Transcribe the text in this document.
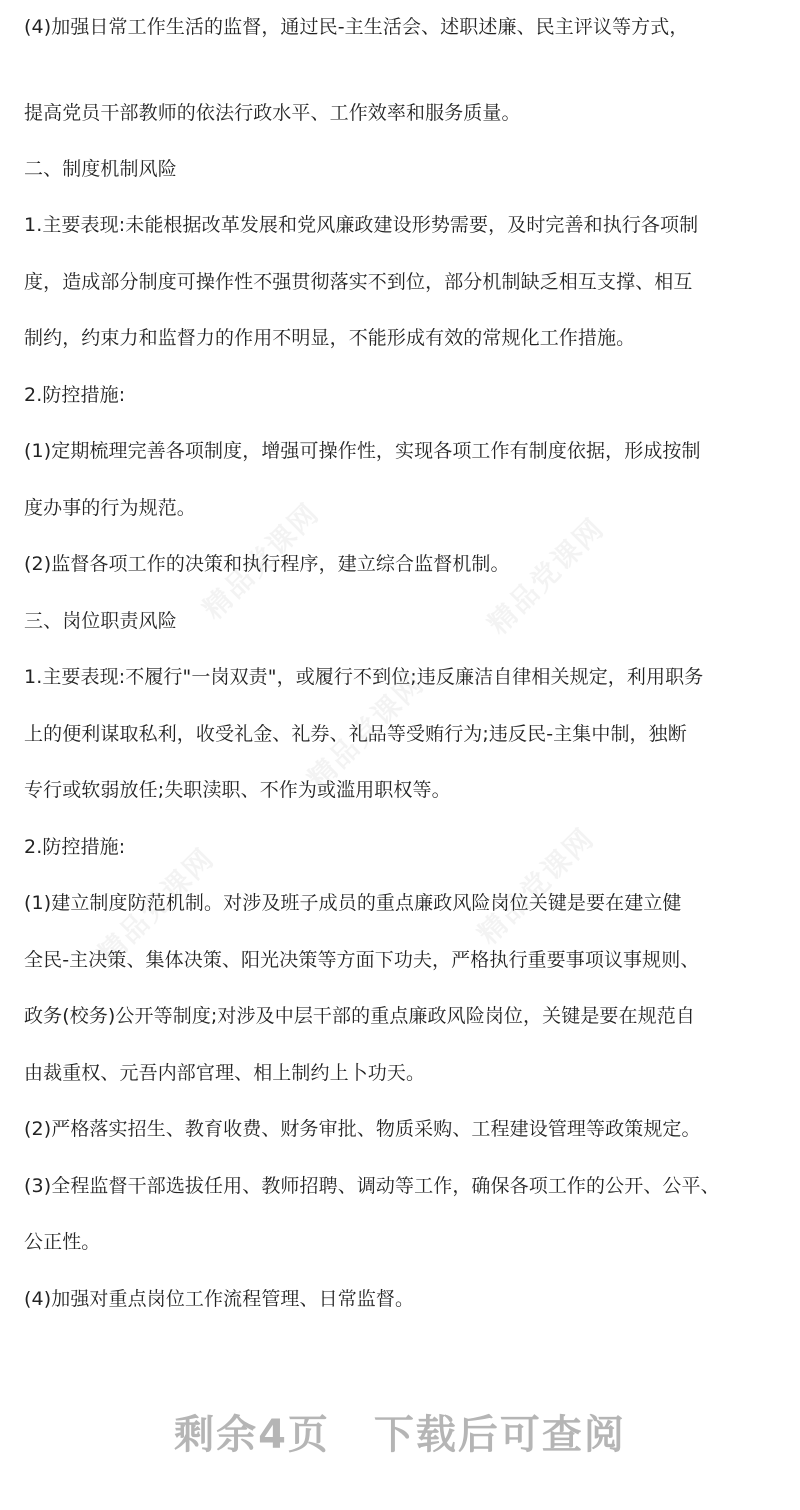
精品党课网	精品党课网
精品党课网
精品党课网	精品党课网
(4)加强日常工作生活的监督，通过民-主生活会、述职述廉、民主评议等方式，
提高党员干部教师的依法行政水平、工作效率和服务质量。
二、制度机制风险
1.主要表现:未能根据改革发展和党风廉政建设形势需要，及时完善和执行各项制
度，造成部分制度可操作性不强贯彻落实不到位，部分机制缺乏相互支撑、相互
制约，约束力和监督力的作用不明显，不能形成有效的常规化工作措施。
2.防控措施:
(1)定期梳理完善各项制度，增强可操作性，实现各项工作有制度依据，形成按制
度办事的行为规范。
(2)监督各项工作的决策和执行程序，建立综合监督机制。
三、岗位职责风险
1.主要表现:不履行"一岗双责"，或履行不到位;违反廉洁自律相关规定，利用职务
上的便利谋取私利，收受礼金、礼券、礼品等受贿行为;违反民-主集中制，独断
专行或软弱放任;失职渎职、不作为或滥用职权等。
2.防控措施:
(1)建立制度防范机制。对涉及班子成员的重点廉政风险岗位关键是要在建立健
全民-主决策、集体决策、阳光决策等方面下功夫，严格执行重要事项议事规则、
政务(校务)公开等制度;对涉及中层干部的重点廉政风险岗位，关键是要在规范自
由裁重权、元吾内部官理、相上制约上卜功天。
(2)严格落实招生、教育收费、财务审批、物质采购、工程建设管理等政策规定。
(3)全程监督干部选拔任用、教师招聘、调动等工作，确保各项工作的公开、公平、
公正性。
(4)加强对重点岗位工作流程管理、日常监督。
剩余4页 下载后可查阅
